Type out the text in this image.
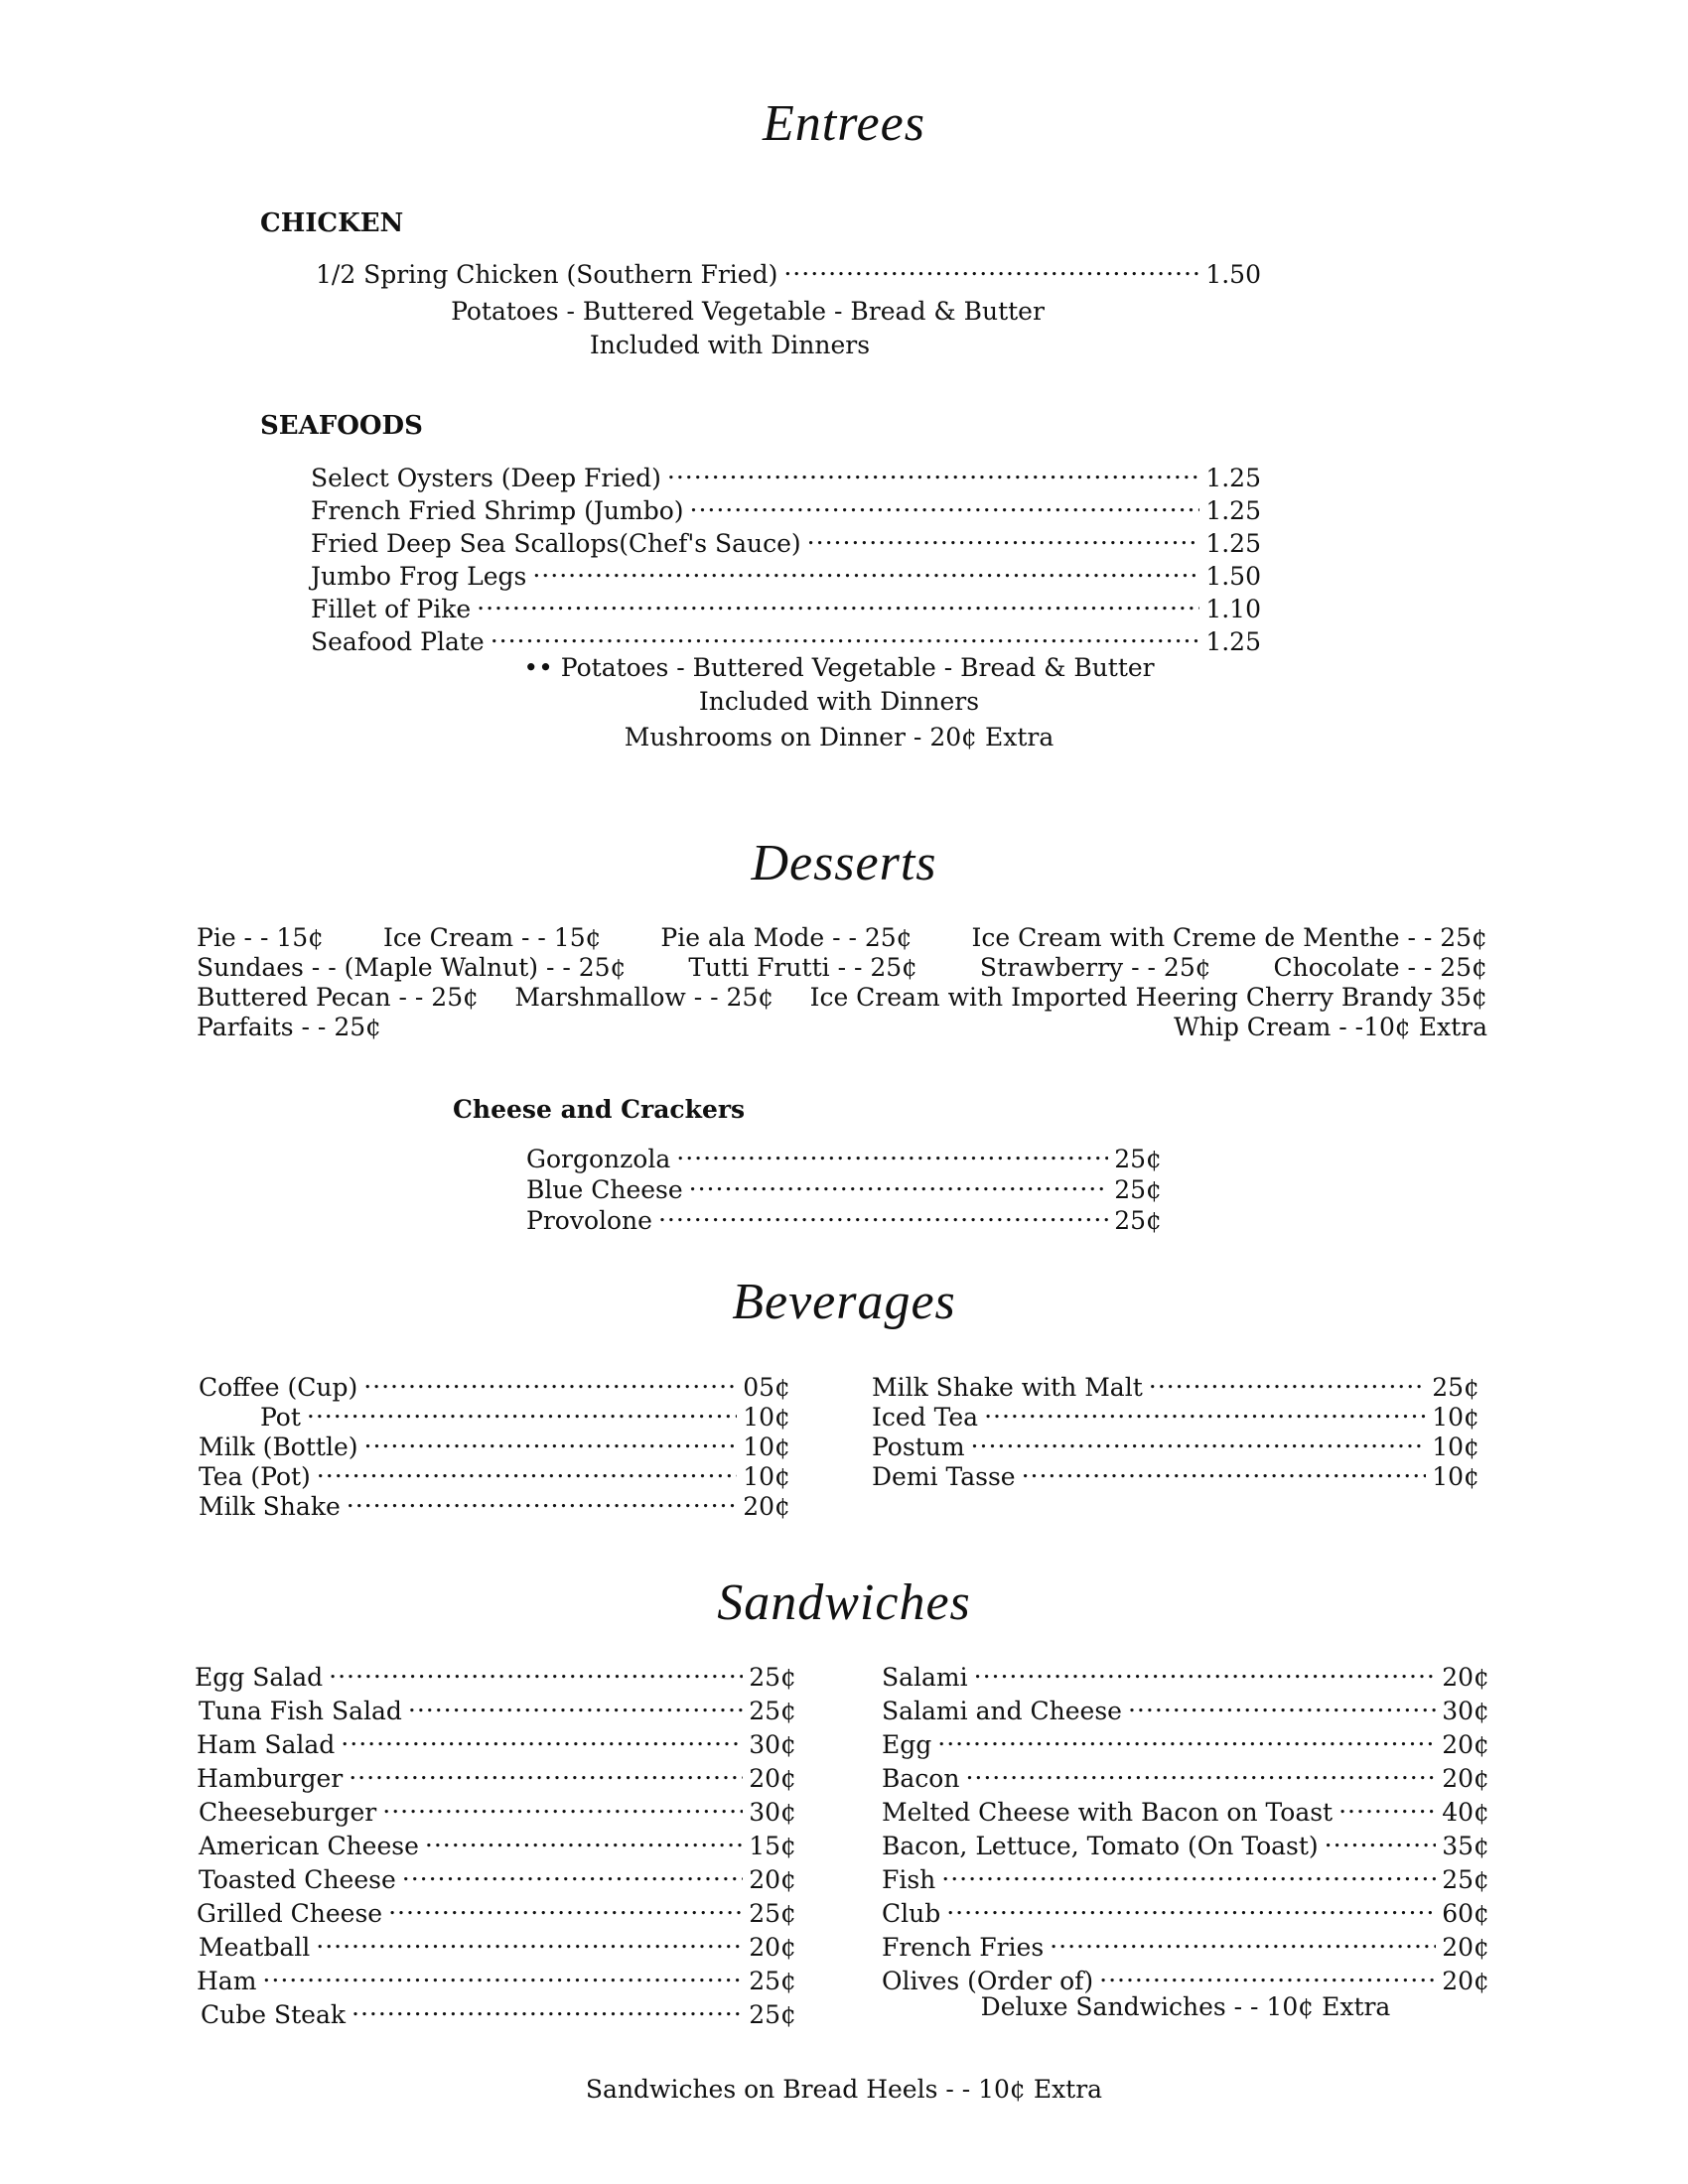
Entrees
CHICKEN
1/2 Spring Chicken (Southern Fried) .....	1.50
Potatoes - Buttered Vegetable - Bread & Butter
Included with Dinners
SEAFOODS
Select Oysters (Deep Fried) .....	1.25
French Fried Shrimp (Jumbo) .....	1.25
Fried Deep Sea Scallops(Chef's Sauce) .....	1.25
Jumbo Frog Legs .....	1.50
Fillet of Pike .....	1.10
Seafood Plate .....	1.25
•• Potatoes - Buttered Vegetable - Bread & Butter
Included with Dinners
Mushrooms on Dinner - 20¢ Extra
Desserts
Pie - - 15¢ Ice Cream - - 15¢ Pie ala Mode - - 25¢ Ice Cream with Creme de Menthe - - 25¢
Sundaes - - (Maple Walnut) - - 25¢	Tutti Frutti - - 25¢	Strawberry - - 25¢	Chocolate - - 25¢
Buttered Pecan - - 25¢ Marshmallow - - 25¢ Ice Cream with Imported Heering Cherry Brandy 35¢
Parfaits - - 25¢	Whip Cream - -10¢ Extra
Cheese and Crackers
Gorgonzola .....	25¢
Blue Cheese .....	25¢
Provolone .....	25¢
Beverages
Coffee (Cup) .....	05¢
Pot .....	10¢
Milk (Bottle) .....	10¢
Tea (Pot) .....	10¢
Milk Shake .....	20¢
Milk Shake with Malt .....	25¢
Iced Tea .....	10¢
Postum .....	10¢
Demi Tasse .....	10¢
Sandwiches
Egg Salad .....	25¢
Tuna Fish Salad .....	25¢
Ham Salad .....	30¢
Hamburger .....	20¢
Cheeseburger .....	30¢
American Cheese .....	15¢
Toasted Cheese .....	20¢
Grilled Cheese .....	25¢
Meatball .....	20¢
Ham .....	25¢
Cube Steak .....	25¢
Salami .....	20¢
Salami and Cheese .....	30¢
Egg .....	20¢
Bacon .....	20¢
Melted Cheese with Bacon on Toast .....	40¢
Bacon, Lettuce, Tomato (On Toast) .....	35¢
Fish .....	25¢
Club .....	60¢
French Fries .....	20¢
Olives (Order of) .....	20¢
Deluxe Sandwiches - - 10¢ Extra
Sandwiches on Bread Heels - - 10¢ Extra
